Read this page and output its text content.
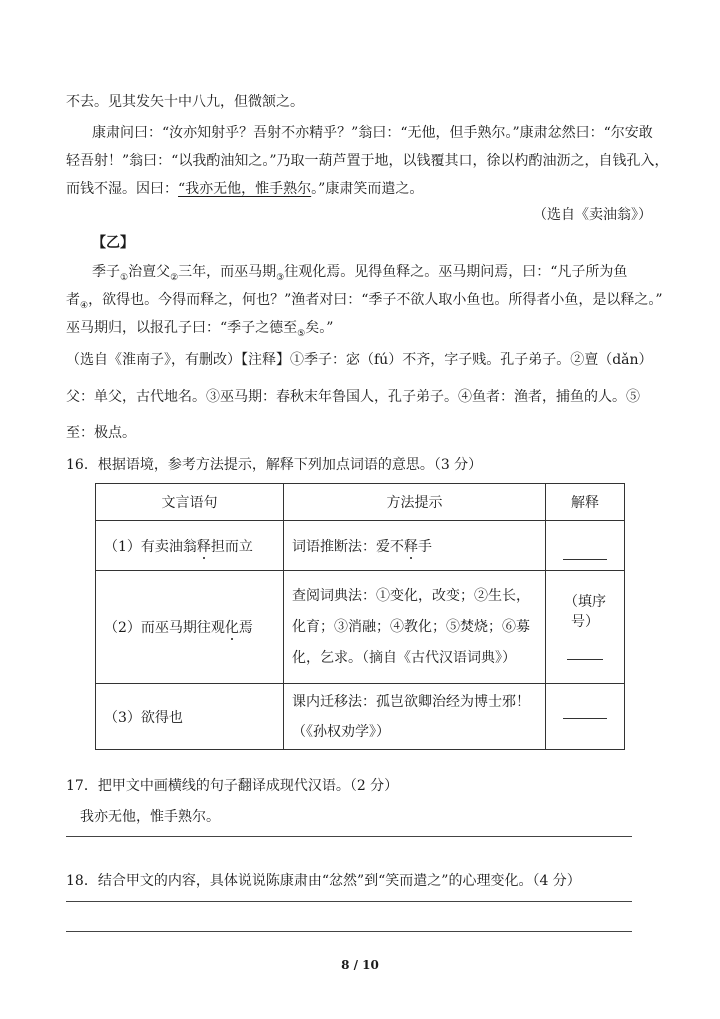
不去。见其发矢十中八九，但微颔之。
康肃问曰：“汝亦知射乎？吾射不亦精乎？”翁曰：“无他，但手熟尔。”康肃忿然曰：“尔安敢
轻吾射！”翁曰：“以我酌油知之。”乃取一葫芦置于地，以钱覆其口，徐以杓酌油沥之，自钱孔入，
而钱不湿。因曰：“我亦无他，惟手熟尔。”康肃笑而遣之。
（选自《卖油翁》）
【乙】
季子$_①$治亶父$_②$三年，而巫马期$_③$往观化焉。见得鱼释之。巫马期问焉，曰：“凡子所为鱼
者$_④$，欲得也。今得而释之，何也？”渔者对曰：“季子不欲人取小鱼也。所得者小鱼，是以释之。”
巫马期归，以报孔子曰：“季子之德至$_⑤$矣。”
（选自《淮南子》，有删改）【注释】①季子：宓（fú）不齐，字子贱。孔子弟子。②亶（dǎn）
父：单父，古代地名。③巫马期：春秋末年鲁国人，孔子弟子。④鱼者：渔者，捕鱼的人。⑤
至：极点。
16．根据语境，参考方法提示，解释下列加点词语的意思。（3 分）
文言语句	方法提示	解释
（1）有卖油翁释担而立	词语推断法：爱不释手	
（2）而巫马期往观化焉	查阅词典法：①变化，改变；②生长，
化育；③消融；④教化；⑤焚烧；⑥募
化，乞求。（摘自《古代汉语词典》）	（填序号）

（3）欲得也	课内迁移法：孤岂欲卿治经为博士邪！
（《孙权劝学》）	

17．把甲文中画横线的句子翻译成现代汉语。（2 分）
我亦无他，惟手熟尔。
18．结合甲文的内容，具体说说陈康肃由“忿然”到“笑而遣之”的心理变化。（4 分）
8 / 10
